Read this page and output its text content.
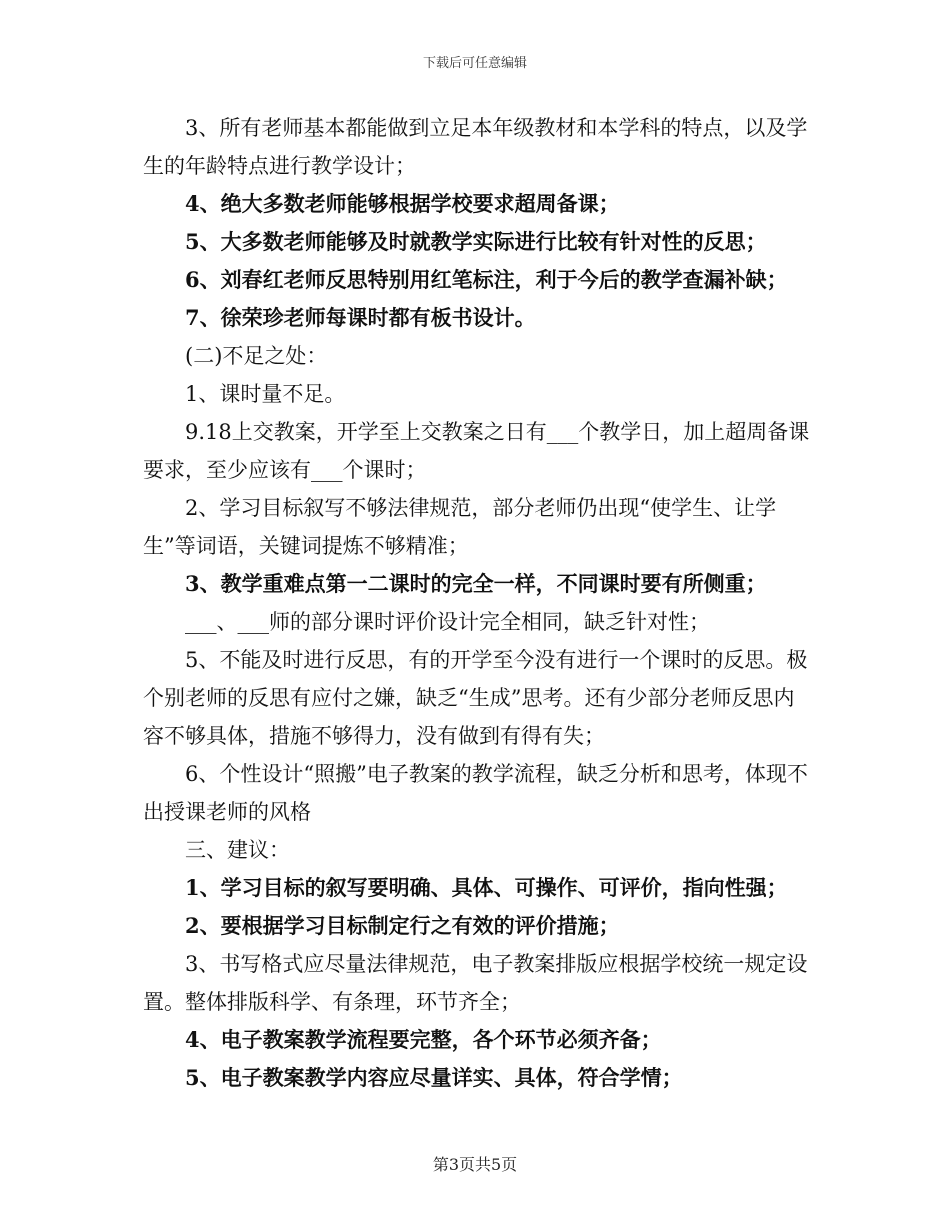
下载后可任意编辑

3、所有老师基本都能做到立足本年级教材和本学科的特点，以及学生的年龄特点进行教学设计；

4、绝大多数老师能够根据学校要求超周备课；

5、大多数老师能够及时就教学实际进行比较有针对性的反思；

6、刘春红老师反思特别用红笔标注，利于今后的教学查漏补缺；

7、徐荣珍老师每课时都有板书设计。

(二)不足之处：

1、课时量不足。

9.18上交教案，开学至上交教案之日有___个教学日，加上超周备课要求，至少应该有___个课时；

2、学习目标叙写不够法律规范，部分老师仍出现“使学生、让学生”等词语，关键词提炼不够精准；

3、教学重难点第一二课时的完全一样，不同课时要有所侧重；

___、___师的部分课时评价设计完全相同，缺乏针对性；

5、不能及时进行反思，有的开学至今没有进行一个课时的反思。极个别老师的反思有应付之嫌，缺乏“生成”思考。还有少部分老师反思内容不够具体，措施不够得力，没有做到有得有失；

6、个性设计“照搬”电子教案的教学流程，缺乏分析和思考，体现不出授课老师的风格

三、建议：

1、学习目标的叙写要明确、具体、可操作、可评价，指向性强；

2、要根据学习目标制定行之有效的评价措施；

3、书写格式应尽量法律规范，电子教案排版应根据学校统一规定设置。整体排版科学、有条理，环节齐全；

4、电子教案教学流程要完整，各个环节必须齐备；

5、电子教案教学内容应尽量详实、具体，符合学情；

第3页共5页
